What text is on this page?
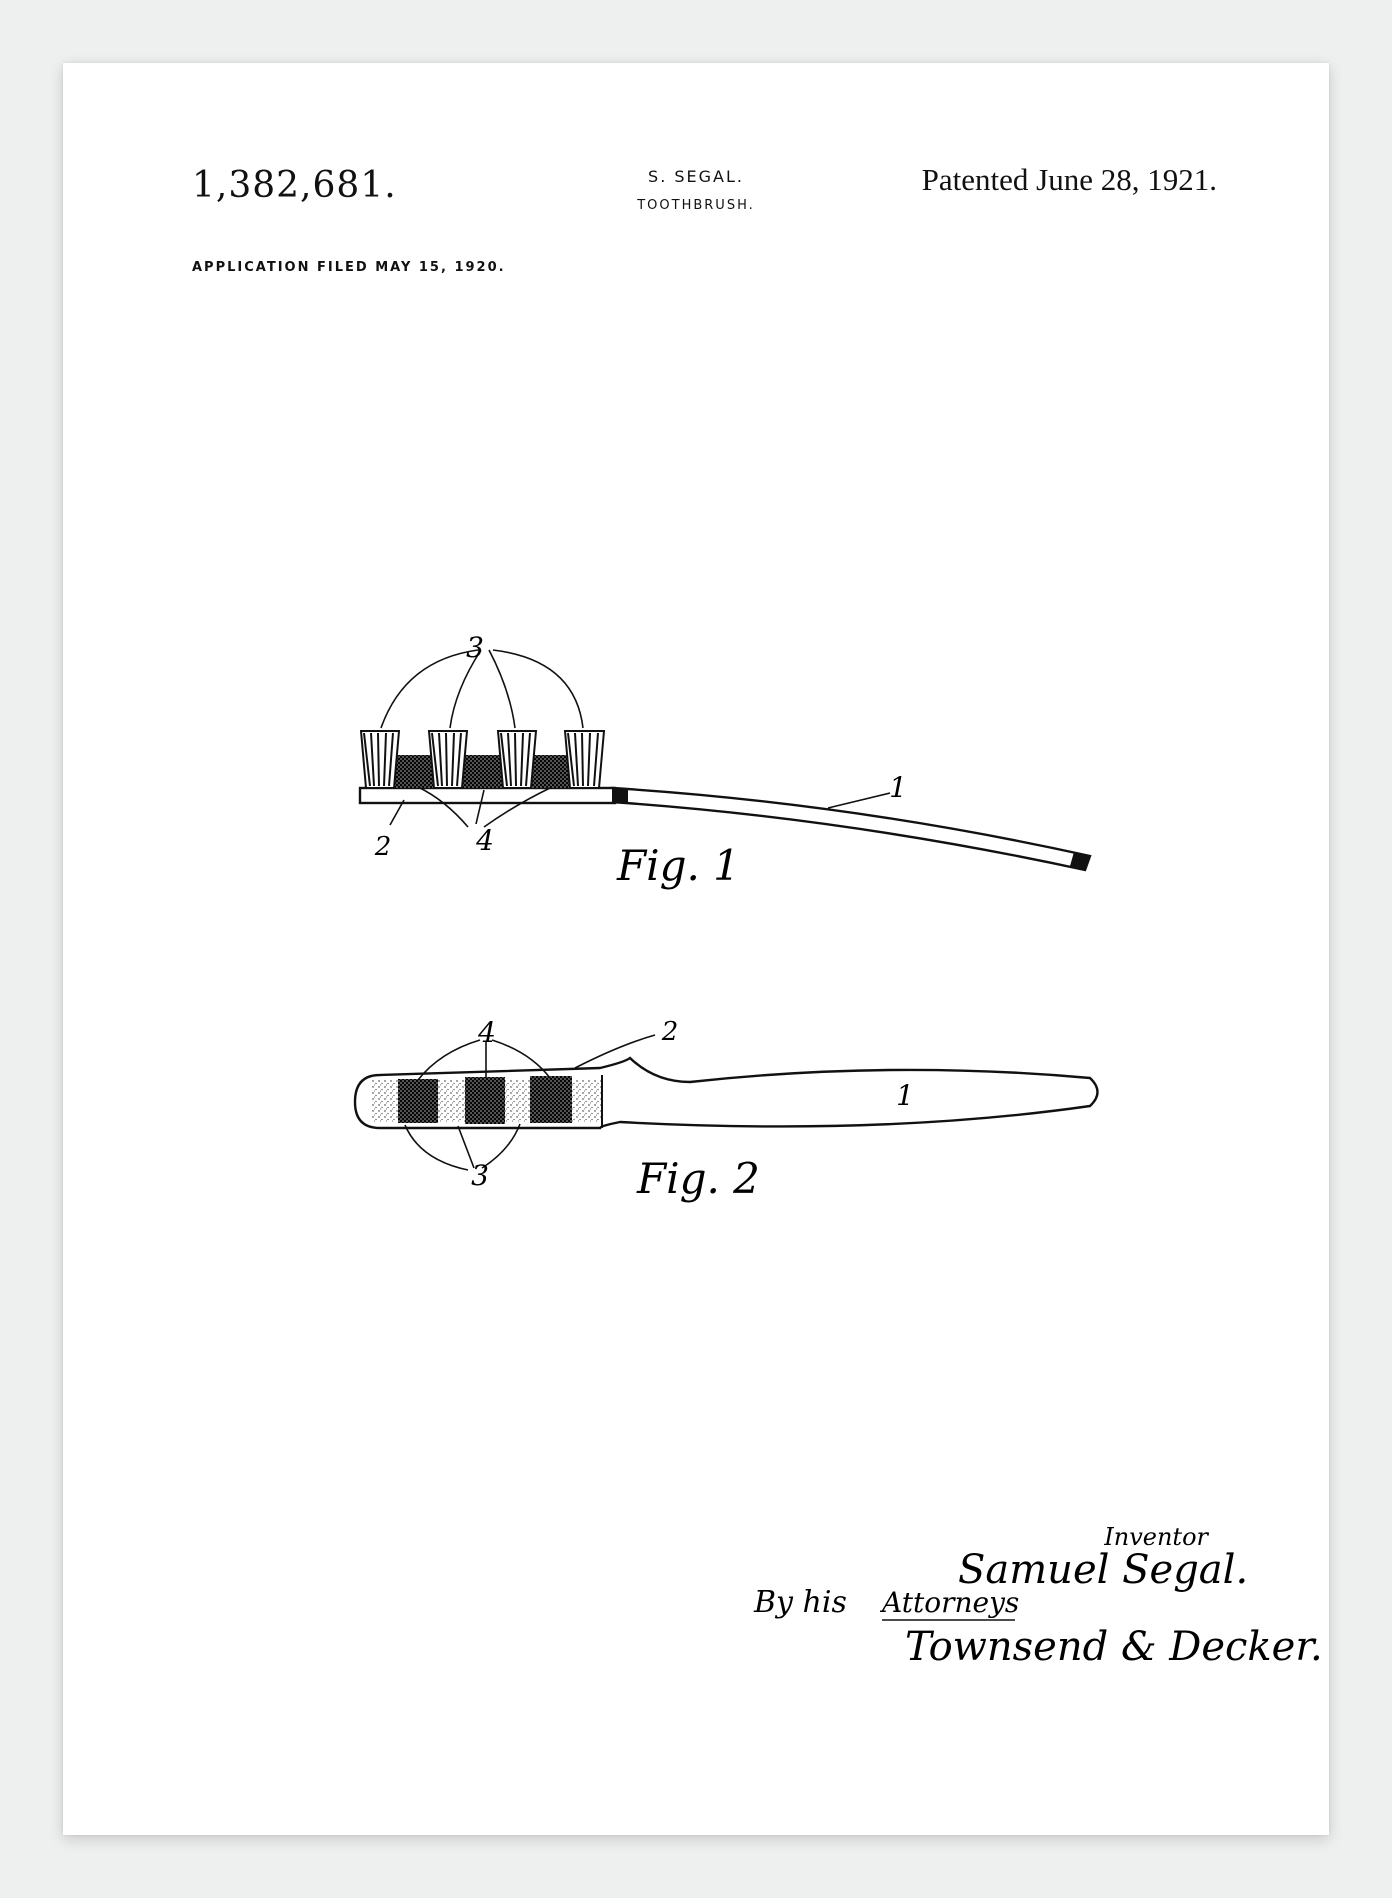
1,382,681.	S. SEGAL.
TOOTHBRUSH.
Patented June 28, 1921.
APPLICATION FILED MAY 15, 1920.
3
4
2
1
Fig. 1
4
3
2
1
Fig. 2
Inventor
Samuel Segal.
By his Attorneys
Townsend & Decker.
